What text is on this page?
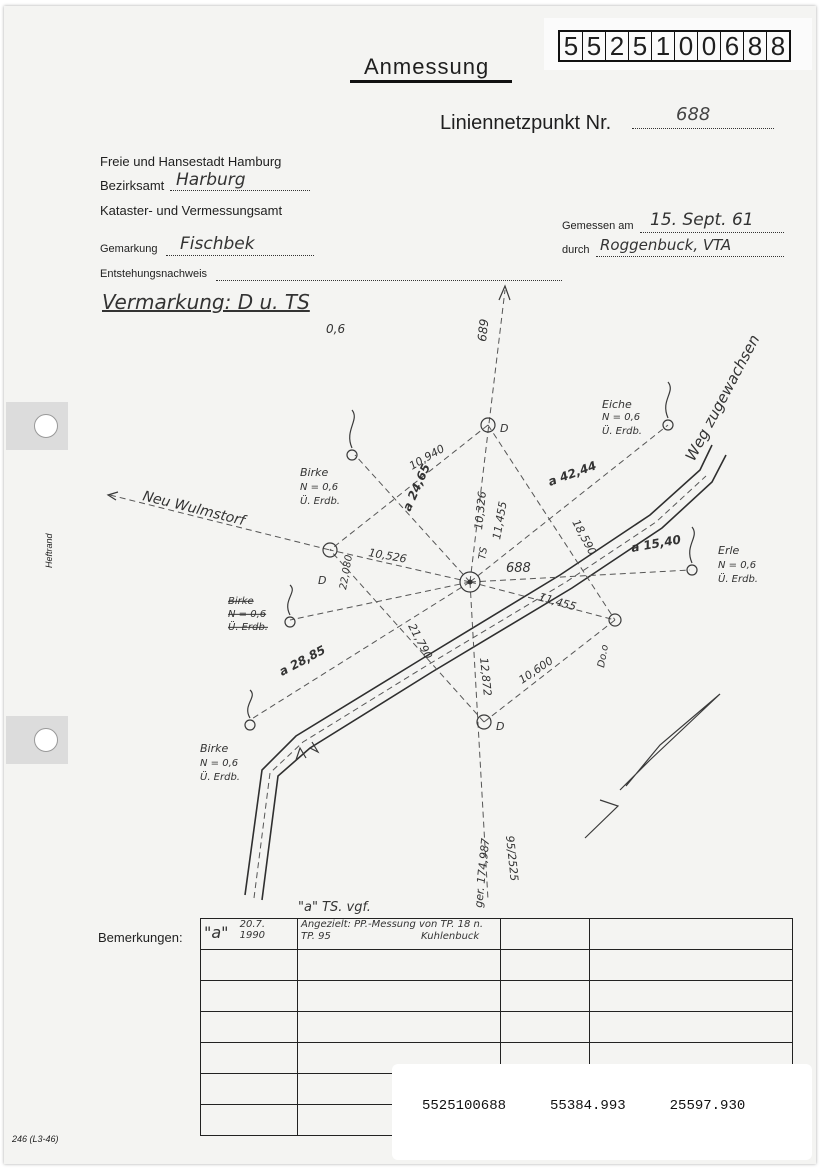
5 5 2 5 1 0 0 6 8 8
Anmessung
Liniennetzpunkt Nr.	688
Freie und Hansestadt Hamburg
Bezirksamt Harburg
Kataster- und Vermessungsamt
Gemarkung Fischbek
Entstehungsnachweis
Gemessen am 15. Sept. 61
durch Roggenbuck, VTA
Vermarkung: D u. TS
0,6
Heftrand
246 (L3-46)
Weg zugewachsen
Neu Wulmstorf
688
D
D
D
TS
Birke
N = 0,6
Ü. Erdb.
Eiche
N = 0,6
Ü. Erdb.
Erle
N = 0,6
Ü. Erdb.
Birke
N = 0,6
Ü. Erdb.
Birke
N = 0,6
Ü. Erdb.
10,326 11,455
10,940
10,526
22,080
21,790
12,872 10,600
11,455
18,590
689
a 24,65	a 42,44
a 15,40
a 28,85
ger. 174,987 95/2525
Do.o
Bemerkungen:
"a" TS. vgf.
"a" 20.7. 1990	Angezielt: PP.-Messung von TP. 18 n. TP. 95 Kuhlenbuck		

5525100688	55384.993	25597.930
